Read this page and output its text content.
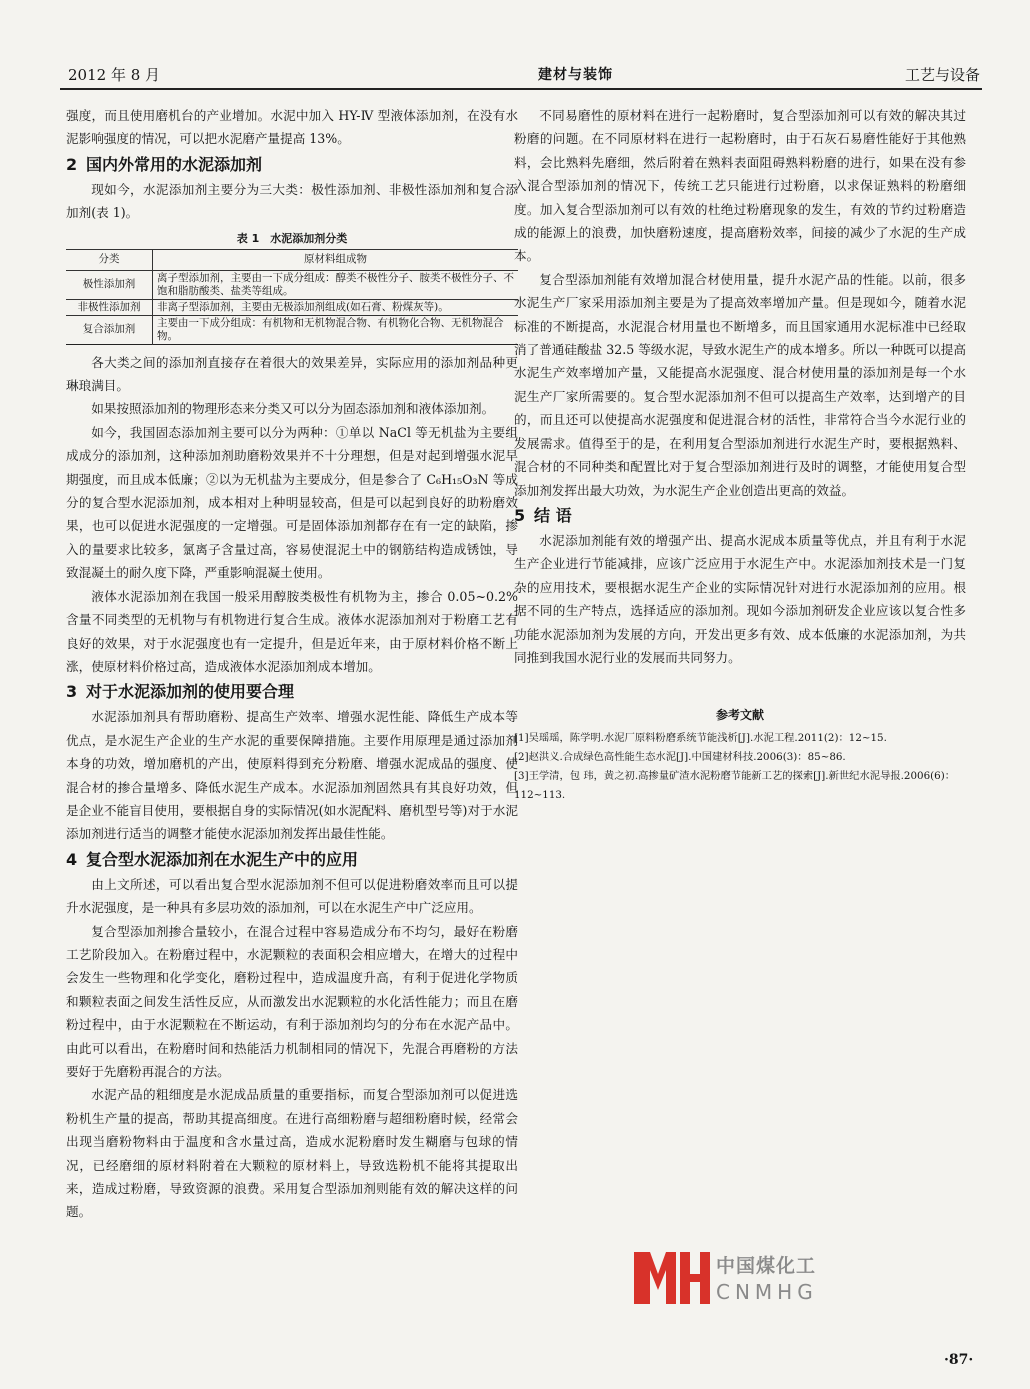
2012 年 8 月	建材与装饰	工艺与设备

强度，而且使用磨机台的产业增加。水泥中加入 HY-Ⅳ 型液体添加剂，在没有水泥影响强度的情况，可以把水泥磨产量提高 13%。

2 国内外常用的水泥添加剂

现如今，水泥添加剂主要分为三大类：极性添加剂、非极性添加剂和复合添加剂(表 1)。

表 1　水泥添加剂分类
分类	原材料组成物
极性添加剂	离子型添加剂，主要由一下成分组成：醇类不极性分子、胺类不极性分子、不饱和脂肪酸类、盐类等组成。
非极性添加剂	非离子型添加剂，主要由无极添加剂组成(如石膏、粉煤灰等)。
复合添加剂	主要由一下成分组成：有机物和无机物混合物、有机物化合物、无机物混合物。

各大类之间的添加剂直接存在着很大的效果差异，实际应用的添加剂品种更琳琅满目。

如果按照添加剂的物理形态来分类又可以分为固态添加剂和液体添加剂。

如今，我国固态添加剂主要可以分为两种：①单以 NaCl 等无机盐为主要组成成分的添加剂，这种添加剂助磨粉效果并不十分理想，但是对起到增强水泥早期强度，而且成本低廉；②以为无机盐为主要成分，但是参合了 C₆H₁₅O₃N 等成分的复合型水泥添加剂，成本相对上种明显较高，但是可以起到良好的助粉磨效果，也可以促进水泥强度的一定增强。可是固体添加剂都存在有一定的缺陷，掺入的量要求比较多，氯离子含量过高，容易使混泥土中的钢筋结构造成锈蚀，导致混凝土的耐久度下降，严重影响混凝土使用。

液体水泥添加剂在我国一般采用醇胺类极性有机物为主，掺合 0.05~0.2%含量不同类型的无机物与有机物进行复合生成。液体水泥添加剂对于粉磨工艺有良好的效果，对于水泥强度也有一定提升，但是近年来，由于原材料价格不断上涨，使原材料价格过高，造成液体水泥添加剂成本增加。

3 对于水泥添加剂的使用要合理

水泥添加剂具有帮助磨粉、提高生产效率、增强水泥性能、降低生产成本等优点，是水泥生产企业的生产水泥的重要保障措施。主要作用原理是通过添加剂本身的功效，增加磨机的产出，使原料得到充分粉磨、增强水泥成品的强度、使混合材的掺合量增多、降低水泥生产成本。水泥添加剂固然具有其良好功效，但是企业不能盲目使用，要根据自身的实际情况(如水泥配料、磨机型号等)对于水泥添加剂进行适当的调整才能使水泥添加剂发挥出最佳性能。

4 复合型水泥添加剂在水泥生产中的应用

由上文所述，可以看出复合型水泥添加剂不但可以促进粉磨效率而且可以提升水泥强度，是一种具有多层功效的添加剂，可以在水泥生产中广泛应用。

复合型添加剂掺合量较小，在混合过程中容易造成分布不均匀，最好在粉磨工艺阶段加入。在粉磨过程中，水泥颗粒的表面积会相应增大，在增大的过程中会发生一些物理和化学变化，磨粉过程中，造成温度升高，有利于促进化学物质和颗粒表面之间发生活性反应，从而激发出水泥颗粒的水化活性能力；而且在磨粉过程中，由于水泥颗粒在不断运动，有利于添加剂均匀的分布在水泥产品中。由此可以看出，在粉磨时间和热能活力机制相同的情况下，先混合再磨粉的方法要好于先磨粉再混合的方法。

水泥产品的粗细度是水泥成品质量的重要指标，而复合型添加剂可以促进选粉机生产量的提高，帮助其提高细度。在进行高细粉磨与超细粉磨时候，经常会出现当磨粉物料由于温度和含水量过高，造成水泥粉磨时发生糊磨与包球的情况，已经磨细的原材料附着在大颗粒的原材料上，导致选粉机不能将其提取出来，造成过粉磨，导致资源的浪费。采用复合型添加剂则能有效的解决这样的问题。

不同易磨性的原材料在进行一起粉磨时，复合型添加剂可以有效的解决其过粉磨的问题。在不同原材料在进行一起粉磨时，由于石灰石易磨性能好于其他熟料，会比熟料先磨细，然后附着在熟料表面阻碍熟料粉磨的进行，如果在没有参入混合型添加剂的情况下，传统工艺只能进行过粉磨，以求保证熟料的粉磨细度。加入复合型添加剂可以有效的杜绝过粉磨现象的发生，有效的节约过粉磨造成的能源上的浪费，加快磨粉速度，提高磨粉效率，间接的减少了水泥的生产成本。

复合型添加剂能有效增加混合材使用量，提升水泥产品的性能。以前，很多水泥生产厂家采用添加剂主要是为了提高效率增加产量。但是现如今，随着水泥标准的不断提高，水泥混合材用量也不断增多，而且国家通用水泥标准中已经取消了普通硅酸盐 32.5 等级水泥，导致水泥生产的成本增多。所以一种既可以提高水泥生产效率增加产量，又能提高水泥强度、混合材使用量的添加剂是每一个水泥生产厂家所需要的。复合型水泥添加剂不但可以提高生产效率，达到增产的目的，而且还可以使提高水泥强度和促进混合材的活性，非常符合当今水泥行业的发展需求。值得至于的是，在利用复合型添加剂进行水泥生产时，要根据熟料、混合材的不同种类和配置比对于复合型添加剂进行及时的调整，才能使用复合型添加剂发挥出最大功效，为水泥生产企业创造出更高的效益。

5 结 语

水泥添加剂能有效的增强产出、提高水泥成本质量等优点，并且有利于水泥生产企业进行节能减排，应该广泛应用于水泥生产中。水泥添加剂技术是一门复杂的应用技术，要根据水泥生产企业的实际情况针对进行水泥添加剂的应用。根据不同的生产特点，选择适应的添加剂。现如今添加剂研发企业应该以复合性多功能水泥添加剂为发展的方向，开发出更多有效、成本低廉的水泥添加剂，为共同推到我国水泥行业的发展而共同努力。

参考文献
[1]吴瑶瑶，陈学明.水泥厂原料粉磨系统节能浅析[J].水泥工程.2011(2)：12~15.
[2]赵洪义.合成绿色高性能生态水泥[J].中国建材科技.2006(3)：85~86.
[3]王学清，包 玮，黄之初.高掺量矿渣水泥粉磨节能新工艺的探索[J].新世纪水泥导报.2006(6)：112~113.
中国煤化工
CNMHG
·87·
